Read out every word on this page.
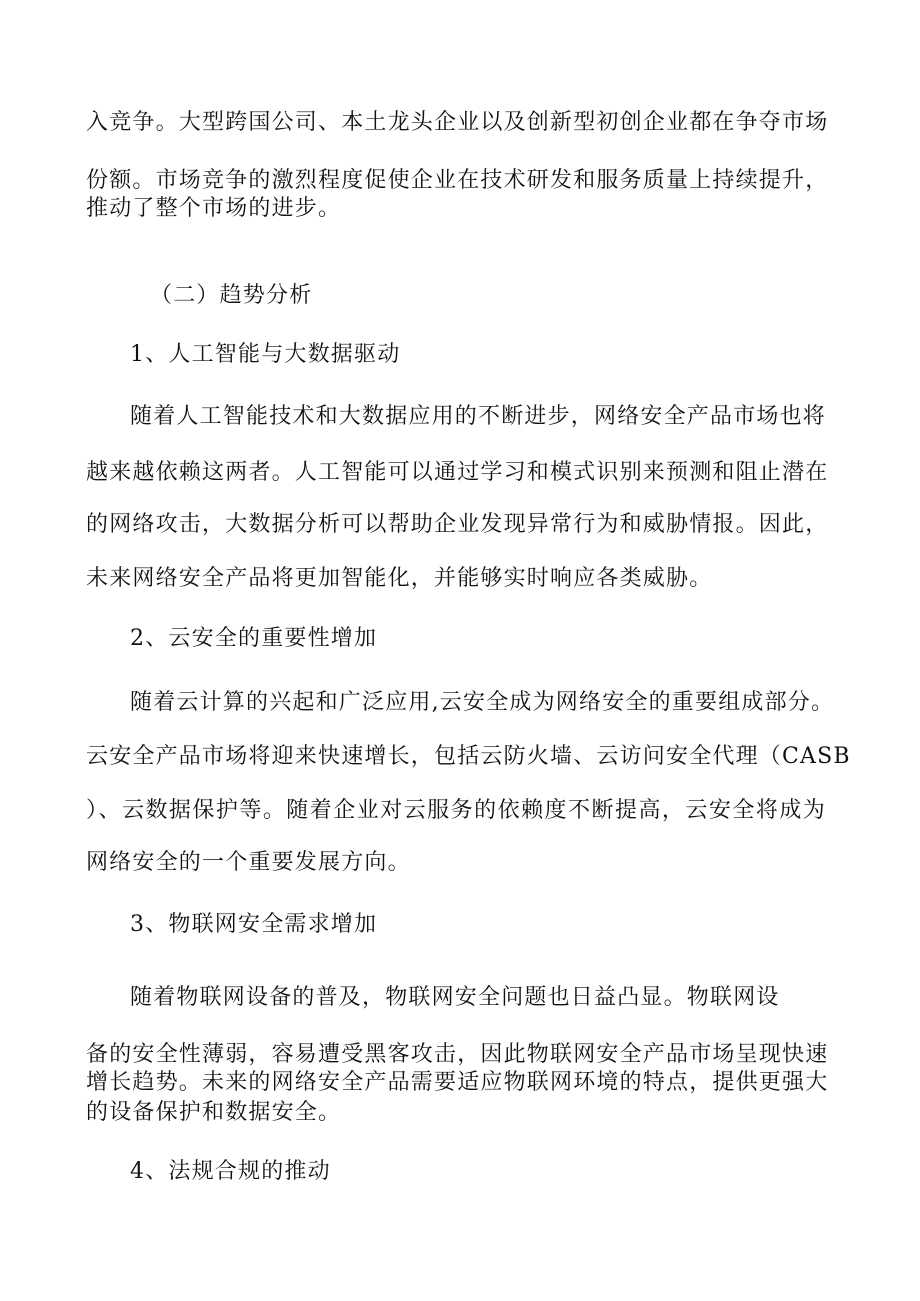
入竞争。大型跨国公司、本土龙头企业以及创新型初创企业都在争夺市场
份额。市场竞争的激烈程度促使企业在技术研发和服务质量上持续提升，
推动了整个市场的进步。
（二）趋势分析
1、人工智能与大数据驱动
随着人工智能技术和大数据应用的不断进步，网络安全产品市场也将
越来越依赖这两者。人工智能可以通过学习和模式识别来预测和阻止潜在
的网络攻击，大数据分析可以帮助企业发现异常行为和威胁情报。因此，
未来网络安全产品将更加智能化，并能够实时响应各类威胁。
2、云安全的重要性增加
随着云计算的兴起和广泛应用,云安全成为网络安全的重要组成部分。
云安全产品市场将迎来快速增长，包括云防火墙、云访问安全代理（CASB
）、云数据保护等。随着企业对云服务的依赖度不断提高，云安全将成为
网络安全的一个重要发展方向。
3、物联网安全需求增加
随着物联网设备的普及，物联网安全问题也日益凸显。物联网设
备的安全性薄弱，容易遭受黑客攻击，因此物联网安全产品市场呈现快速
增长趋势。未来的网络安全产品需要适应物联网环境的特点，提供更强大
的设备保护和数据安全。
4、法规合规的推动
